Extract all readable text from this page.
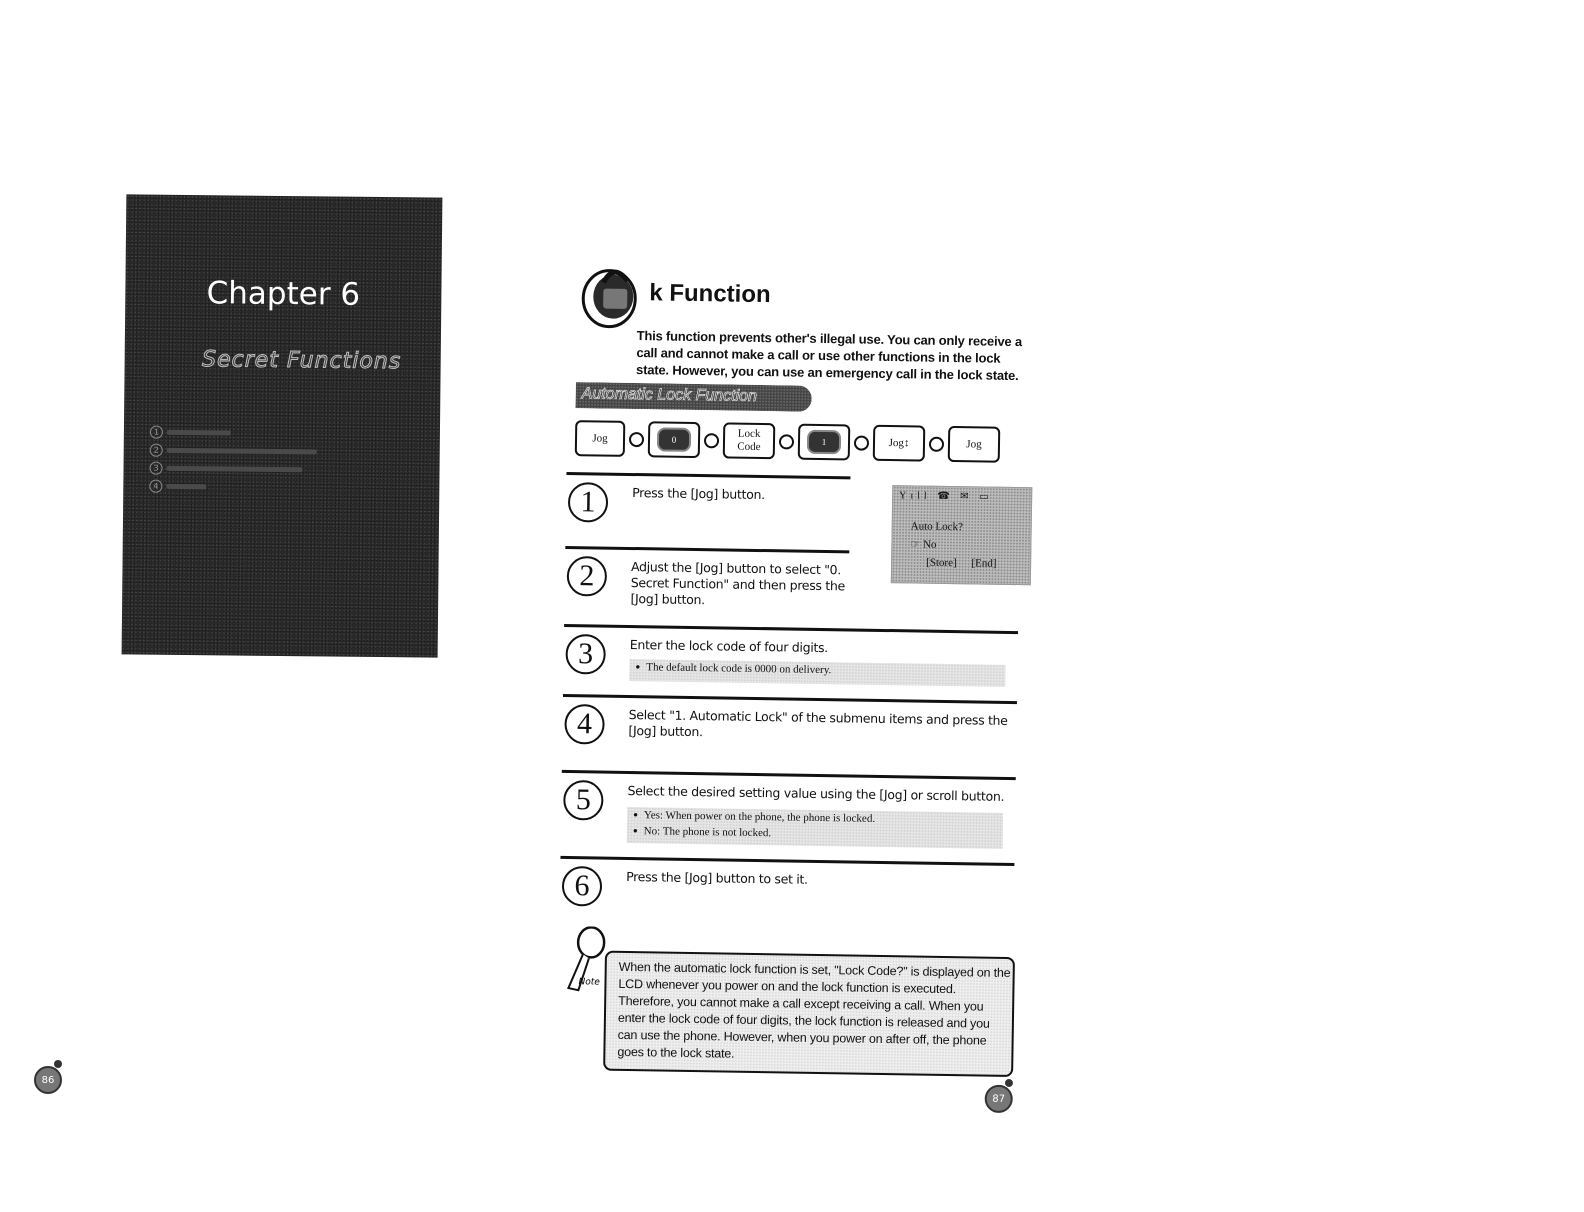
Chapter 6
Secret Functions
1
2
3
4
86
k Function
This function prevents other's illegal use. You can only receive a call and cannot make a call or use other functions in the lock state. However, you can use an emergency call in the lock state.
Automatic Lock Function
Jog	0	Lock Code	1	Jog↕	Jog
Yıll ☎ ✉ ▭
Auto Lock?
☞ No
[Store] [End]
1	Press the [Jog] button.
2	Adjust the [Jog] button to select "0. Secret Function" and then press the [Jog] button.
3	Enter the lock code of four digits.
● The default lock code is 0000 on delivery.
4	Select "1. Automatic Lock" of the submenu items and press the [Jog] button.
5	Select the desired setting value using the [Jog] or scroll button.
● Yes: When power on the phone, the phone is locked.
● No: The phone is not locked.
6	Press the [Jog] button to set it.
Note
When the automatic lock function is set, "Lock Code?" is displayed on the LCD whenever you power on and the lock function is executed. Therefore, you cannot make a call except receiving a call. When you enter the lock code of four digits, the lock function is released and you can use the phone. However, when you power on after off, the phone goes to the lock state.
87
